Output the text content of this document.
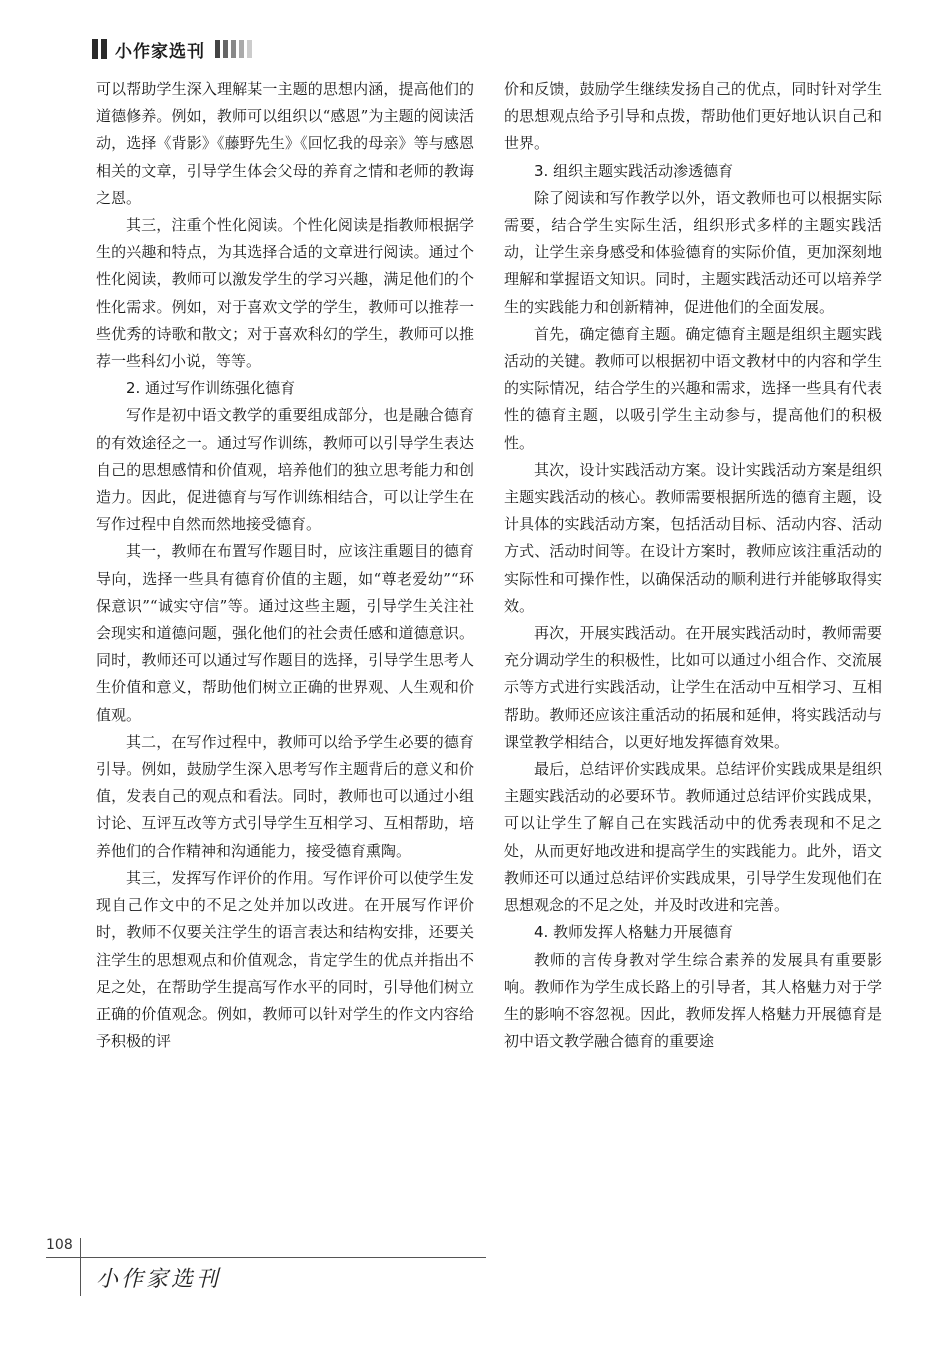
小作家选刊

可以帮助学生深入理解某一主题的思想内涵，提高他们的道德修养。例如，教师可以组织以“感恩”为主题的阅读活动，选择《背影》《藤野先生》《回忆我的母亲》等与感恩相关的文章，引导学生体会父母的养育之情和老师的教诲之恩。

其三，注重个性化阅读。个性化阅读是指教师根据学生的兴趣和特点，为其选择合适的文章进行阅读。通过个性化阅读，教师可以激发学生的学习兴趣，满足他们的个性化需求。例如，对于喜欢文学的学生，教师可以推荐一些优秀的诗歌和散文；对于喜欢科幻的学生，教师可以推荐一些科幻小说，等等。

2. 通过写作训练强化德育

写作是初中语文教学的重要组成部分，也是融合德育的有效途径之一。通过写作训练，教师可以引导学生表达自己的思想感情和价值观，培养他们的独立思考能力和创造力。因此，促进德育与写作训练相结合，可以让学生在写作过程中自然而然地接受德育。

其一，教师在布置写作题目时，应该注重题目的德育导向，选择一些具有德育价值的主题，如“尊老爱幼”“环保意识”“诚实守信”等。通过这些主题，引导学生关注社会现实和道德问题，强化他们的社会责任感和道德意识。同时，教师还可以通过写作题目的选择，引导学生思考人生价值和意义，帮助他们树立正确的世界观、人生观和价值观。

其二，在写作过程中，教师可以给予学生必要的德育引导。例如，鼓励学生深入思考写作主题背后的意义和价值，发表自己的观点和看法。同时，教师也可以通过小组讨论、互评互改等方式引导学生互相学习、互相帮助，培养他们的合作精神和沟通能力，接受德育熏陶。

其三，发挥写作评价的作用。写作评价可以使学生发现自己作文中的不足之处并加以改进。在开展写作评价时，教师不仅要关注学生的语言表达和结构安排，还要关注学生的思想观点和价值观念，肯定学生的优点并指出不足之处，在帮助学生提高写作水平的同时，引导他们树立正确的价值观念。例如，教师可以针对学生的作文内容给予积极的评

价和反馈，鼓励学生继续发扬自己的优点，同时针对学生的思想观点给予引导和点拨，帮助他们更好地认识自己和世界。

3. 组织主题实践活动渗透德育

除了阅读和写作教学以外，语文教师也可以根据实际需要，结合学生实际生活，组织形式多样的主题实践活动，让学生亲身感受和体验德育的实际价值，更加深刻地理解和掌握语文知识。同时，主题实践活动还可以培养学生的实践能力和创新精神，促进他们的全面发展。

首先，确定德育主题。确定德育主题是组织主题实践活动的关键。教师可以根据初中语文教材中的内容和学生的实际情况，结合学生的兴趣和需求，选择一些具有代表性的德育主题，以吸引学生主动参与，提高他们的积极性。

其次，设计实践活动方案。设计实践活动方案是组织主题实践活动的核心。教师需要根据所选的德育主题，设计具体的实践活动方案，包括活动目标、活动内容、活动方式、活动时间等。在设计方案时，教师应该注重活动的实际性和可操作性，以确保活动的顺利进行并能够取得实效。

再次，开展实践活动。在开展实践活动时，教师需要充分调动学生的积极性，比如可以通过小组合作、交流展示等方式进行实践活动，让学生在活动中互相学习、互相帮助。教师还应该注重活动的拓展和延伸，将实践活动与课堂教学相结合，以更好地发挥德育效果。

最后，总结评价实践成果。总结评价实践成果是组织主题实践活动的必要环节。教师通过总结评价实践成果，可以让学生了解自己在实践活动中的优秀表现和不足之处，从而更好地改进和提高学生的实践能力。此外，语文教师还可以通过总结评价实践成果，引导学生发现他们在思想观念的不足之处，并及时改进和完善。

4. 教师发挥人格魅力开展德育

教师的言传身教对学生综合素养的发展具有重要影响。教师作为学生成长路上的引导者，其人格魅力对于学生的影响不容忽视。因此，教师发挥人格魅力开展德育是初中语文教学融合德育的重要途

108
小作家选刊
